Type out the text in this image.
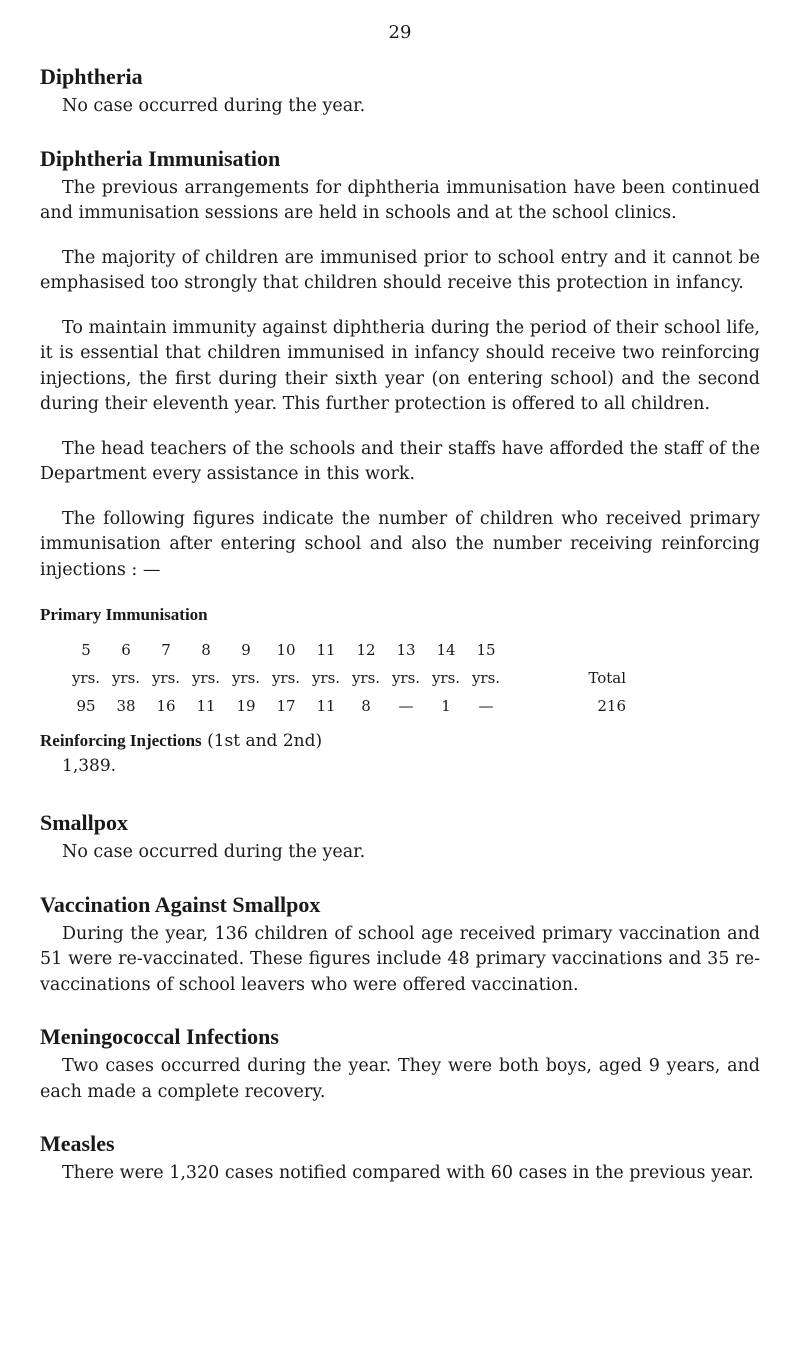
29
Diphtheria

No case occurred during the year.

Diphtheria Immunisation

The previous arrangements for diphtheria immunisation have been continued and immunisation sessions are held in schools and at the school clinics.

The majority of children are immunised prior to school entry and it cannot be emphasised too strongly that children should receive this protection in infancy.

To maintain immunity against diphtheria during the period of their school life, it is essential that children immunised in infancy should receive two reinforcing injections, the first during their sixth year (on entering school) and the second during their eleventh year. This further protection is offered to all children.

The head teachers of the schools and their staffs have afforded the staff of the Department every assistance in this work.

The following figures indicate the number of children who received primary immunisation after entering school and also the number receiving reinforcing injections : —

Primary Immunisation
5	6	7	8	9	10	11	12	13	14	15	
yrs.	yrs.	yrs.	yrs.	yrs.	yrs.	yrs.	yrs.	yrs.	yrs.	yrs.	Total
95	38	16	11	19	17	11	8	—	1	—	216
Reinforcing Injections (1st and 2nd)
1,389.
Smallpox

No case occurred during the year.

Vaccination Against Smallpox

During the year, 136 children of school age received primary vaccination and 51 were re-vaccinated. These figures include 48 primary vaccinations and 35 re-vaccinations of school leavers who were offered vaccination.

Meningococcal Infections

Two cases occurred during the year. They were both boys, aged 9 years, and each made a complete recovery.

Measles

There were 1,320 cases notified compared with 60 cases in the previous year.
